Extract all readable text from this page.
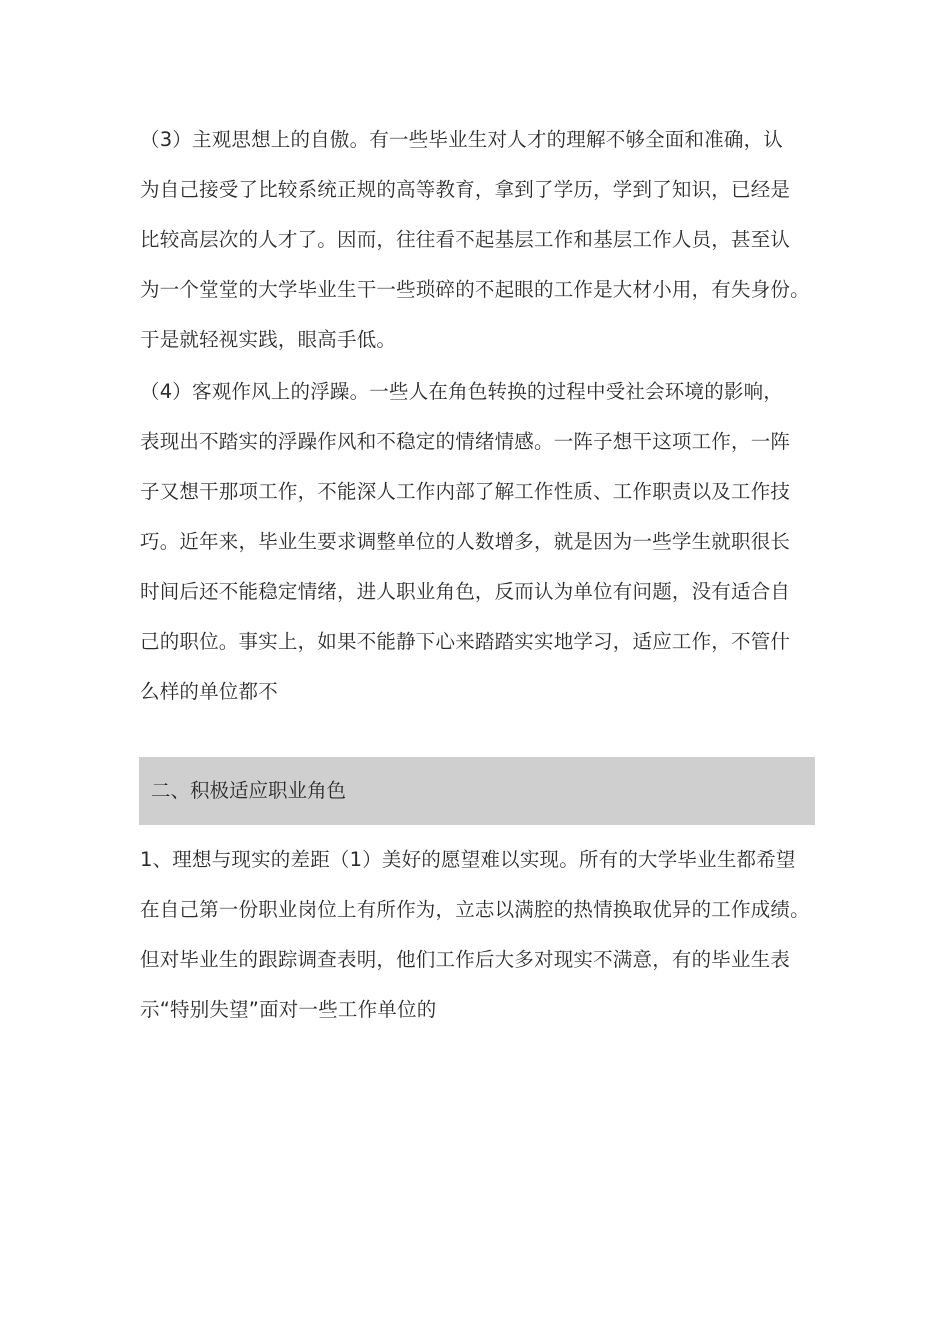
（3）主观思想上的自傲。有一些毕业生对人才的理解不够全面和准确，认
为自己接受了比较系统正规的高等教育，拿到了学历，学到了知识，已经是
比较高层次的人才了。因而，往往看不起基层工作和基层工作人员，甚至认
为一个堂堂的大学毕业生干一些琐碎的不起眼的工作是大材小用，有失身份。
于是就轻视实践，眼高手低。
（4）客观作风上的浮躁。一些人在角色转换的过程中受社会环境的影响，
表现出不踏实的浮躁作风和不稳定的情绪情感。一阵子想干这项工作，一阵
子又想干那项工作，不能深人工作内部了解工作性质、工作职责以及工作技
巧。近年来，毕业生要求调整单位的人数增多，就是因为一些学生就职很长
时间后还不能稳定情绪，进人职业角色，反而认为单位有问题，没有适合自
己的职位。事实上，如果不能静下心来踏踏实实地学习，适应工作，不管什
么样的单位都不
二、积极适应职业角色
1、理想与现实的差距（1）美好的愿望难以实现。所有的大学毕业生都希望
在自己第一份职业岗位上有所作为，立志以满腔的热情换取优异的工作成绩。
但对毕业生的跟踪调查表明，他们工作后大多对现实不满意，有的毕业生表
示“特别失望”面对一些工作单位的
